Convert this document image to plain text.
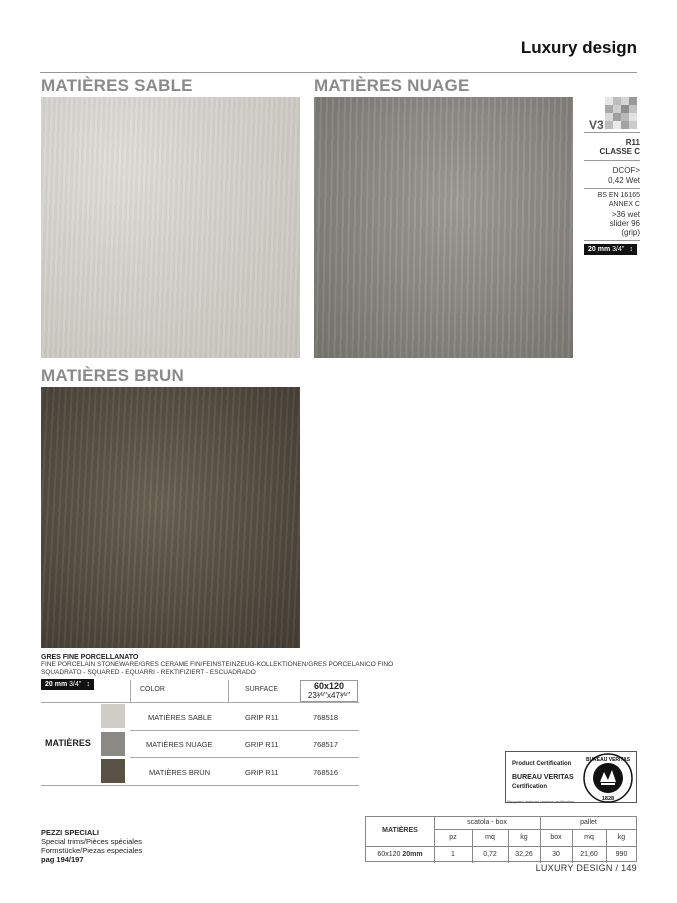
Luxury design
MATIÈRES SABLE	MATIÈRES NUAGE
MATIÈRES BRUN
V3
R11
CLASSE C
DCOF>
0,42 Wet
BS EN 16165
ANNEX C
>36 wet
slider 96
(grip)
20 mm 3/4" ↕
GRES FINE PORCELLANATO
FINE PORCELAIN STONEWARE/GRES CERAME FIN/FEINSTEINZEUG-KOLLEKTIONEN/GRES PORCELANICO FINO
SQUADRATO - SQUARED - EQUARRI - REKTIFIZIERT - ESCUADRADO
20 mm 3/4" ↕
COLOR	SURFACE	60x120
23³⁄⁸"x47³⁄⁸"
MATIÈRES
MATIÈRES SABLE	GRIP R11	768518
MATIÈRES NUAGE	GRIP R11	768517
MATIÈRES BRUN	GRIP R11	768516
Product Certification
BUREAU VERITAS
Certification
Recycled material content certification
BUREAU VERITAS
1828
PEZZI SPECIALI
Special trims/Pièces spéciales
Formstücke/Piezas especiales
pag 194/197
MATIÈRES
scatola - box	pallet
pz	mq	kg	box	mq	kg
60x120 20mm	1	0,72	32,26	30	21,60	990
LUXURY DESIGN / 149
